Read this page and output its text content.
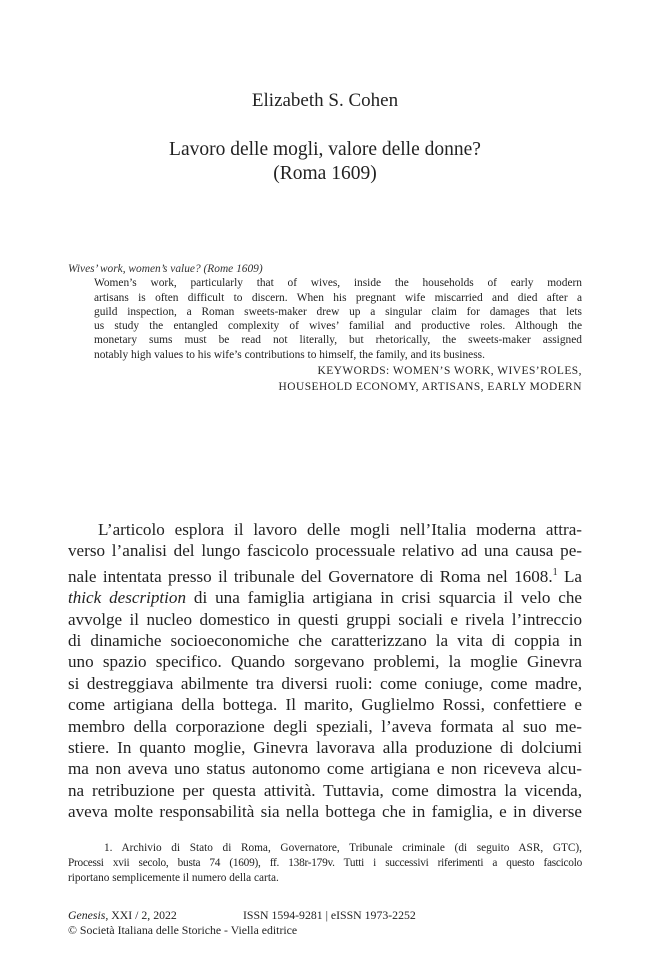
Elizabeth S. Cohen
Lavoro delle mogli, valore delle donne?
(Roma 1609)
Wives’ work, women’s value? (Rome 1609)
Women’s work, particularly that of wives, inside the households of early modern
artisans is often difficult to discern. When his pregnant wife miscarried and died after a
guild inspection, a Roman sweets-maker drew up a singular claim for damages that lets
us study the entangled complexity of wives’ familial and productive roles. Although the
monetary sums must be read not literally, but rhetorically, the sweets-maker assigned
notably high values to his wife’s contributions to himself, the family, and its business.
KEYWORDS: WOMEN’S WORK, WIVES’ROLES,
HOUSEHOLD ECONOMY, ARTISANS, EARLY MODERN
L’articolo esplora il lavoro delle mogli nell’Italia moderna attra-
verso l’analisi del lungo fascicolo processuale relativo ad una causa pe-
nale intentata presso il tribunale del Governatore di Roma nel 1608.$^1$ La
thick description di una famiglia artigiana in crisi squarcia il velo che
avvolge il nucleo domestico in questi gruppi sociali e rivela l’intreccio
di dinamiche socioeconomiche che caratterizzano la vita di coppia in
uno spazio specifico. Quando sorgevano problemi, la moglie Ginevra
si destreggiava abilmente tra diversi ruoli: come coniuge, come madre,
come artigiana della bottega. Il marito, Guglielmo Rossi, confettiere e
membro della corporazione degli speziali, l’aveva formata al suo me-
stiere. In quanto moglie, Ginevra lavorava alla produzione di dolciumi
ma non aveva uno status autonomo come artigiana e non riceveva alcu-
na retribuzione per questa attività. Tuttavia, come dimostra la vicenda,
aveva molte responsabilità sia nella bottega che in famiglia, e in diverse
1. Archivio di Stato di Roma, Governatore, Tribunale criminale (di seguito ASR, GTC),
Processi xvii secolo, busta 74 (1609), ff. 138r-179v. Tutti i successivi riferimenti a questo fascicolo
riportano semplicemente il numero della carta.
Genesis, XXI / 2, 2022	ISSN 1594-9281 | eISSN 1973-2252
© Società Italiana delle Storiche - Viella editrice
